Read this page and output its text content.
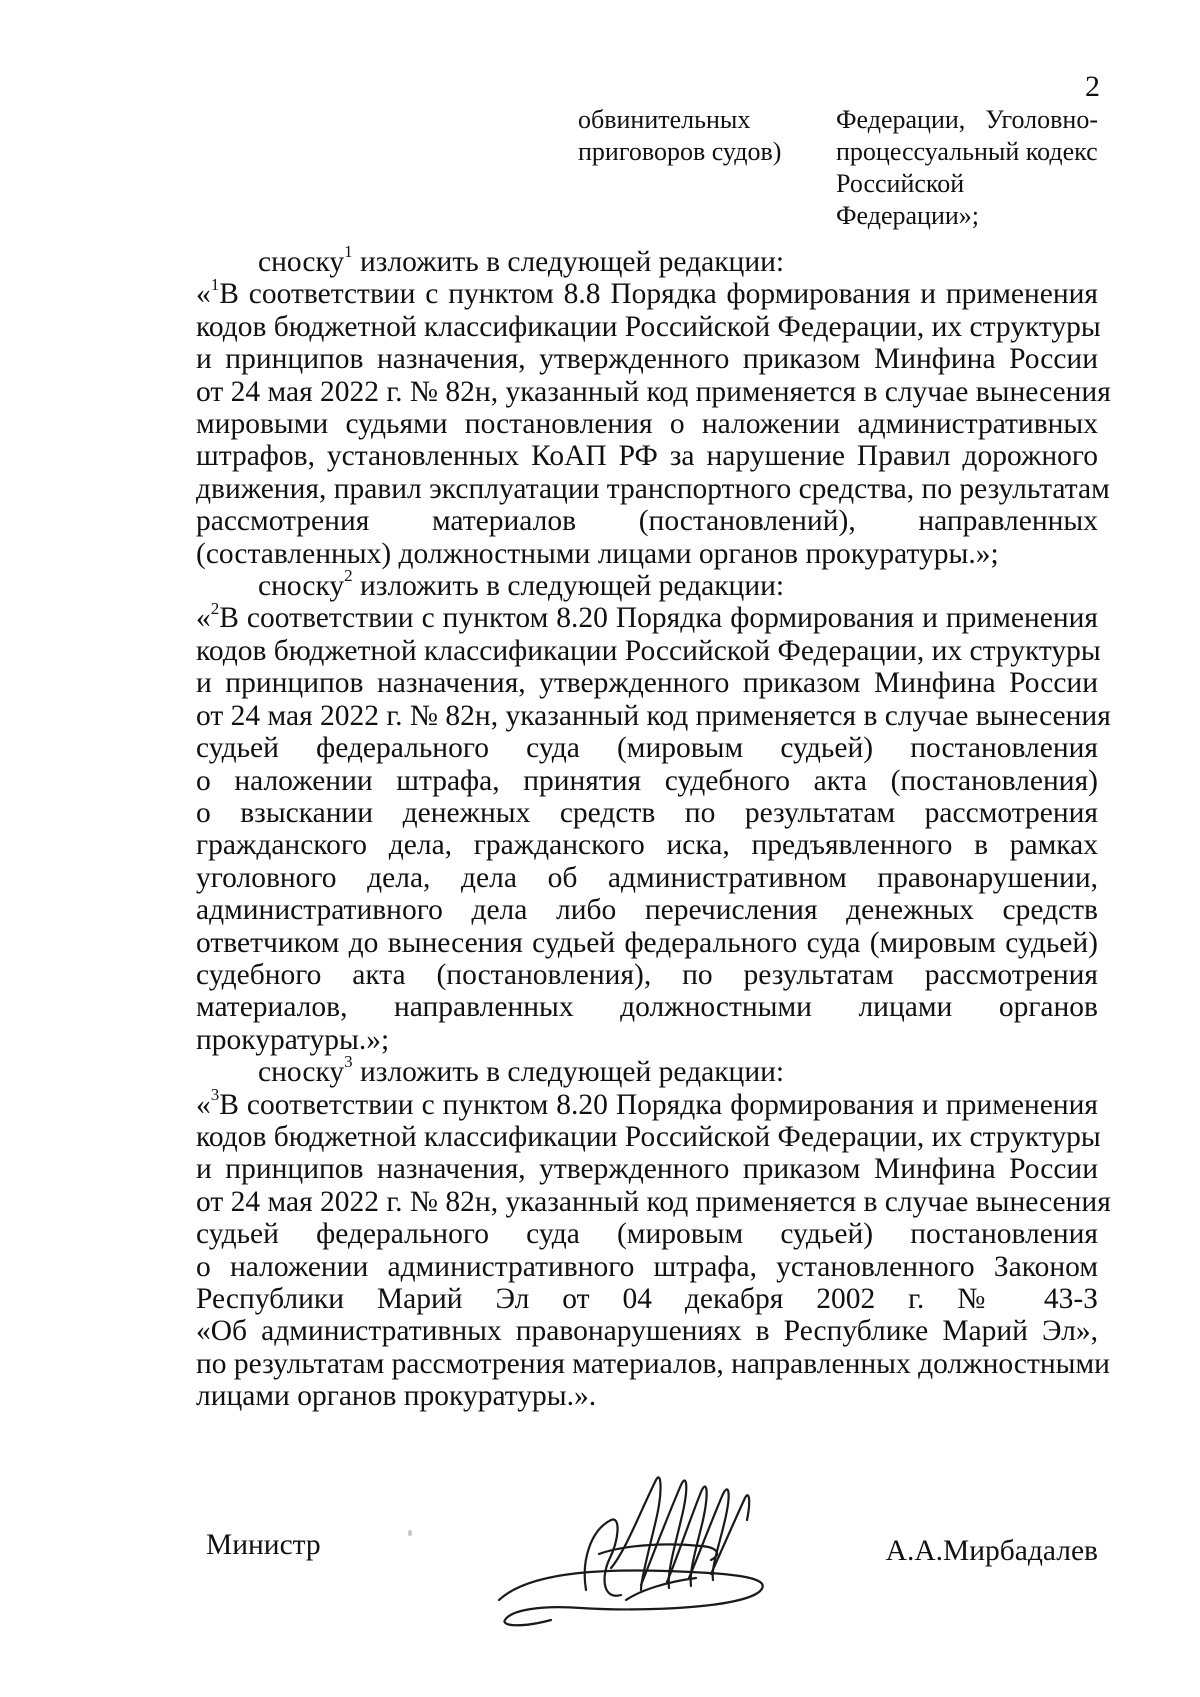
2
обвинительных
приговоров судов)
Федерации, Уголовно-
процессуальный кодекс
Российской
Федерации»;

сноску$^1$ изложить в следующей редакции:

«$^1$В соответствии с пунктом 8.8 Порядка формирования и применения
кодов бюджетной классификации Российской Федерации, их структуры
и принципов назначения, утвержденного приказом Минфина России
от 24 мая 2022 г. № 82н, указанный код применяется в случае вынесения
мировыми судьями постановления о наложении административных
штрафов, установленных КоАП РФ за нарушение Правил дорожного
движения, правил эксплуатации транспортного средства, по результатам
рассмотрения материалов (постановлений), направленных
(составленных) должностными лицами органов прокуратуры.»;

сноску$^2$ изложить в следующей редакции:

«$^2$В соответствии с пунктом 8.20 Порядка формирования и применения
кодов бюджетной классификации Российской Федерации, их структуры
и принципов назначения, утвержденного приказом Минфина России
от 24 мая 2022 г. № 82н, указанный код применяется в случае вынесения
судьей федерального суда (мировым судьей) постановления
о наложении штрафа, принятия судебного акта (постановления)
о взыскании денежных средств по результатам рассмотрения
гражданского дела, гражданского иска, предъявленного в рамках
уголовного дела, дела об административном правонарушении,
административного дела либо перечисления денежных средств
ответчиком до вынесения судьей федерального суда (мировым судьей)
судебного акта (постановления), по результатам рассмотрения
материалов, направленных должностными лицами органов
прокуратуры.»;

сноску$^3$ изложить в следующей редакции:

«$^3$В соответствии с пунктом 8.20 Порядка формирования и применения
кодов бюджетной классификации Российской Федерации, их структуры
и принципов назначения, утвержденного приказом Минфина России
от 24 мая 2022 г. № 82н, указанный код применяется в случае вынесения
судьей федерального суда (мировым судьей) постановления
о наложении административного штрафа, установленного Законом
Республики Марий Эл от 04 декабря 2002 г. № 43-З
«Об административных правонарушениях в Республике Марий Эл»,
по результатам рассмотрения материалов, направленных должностными
лицами органов прокуратуры.».
Министр	А.А.Мирбадалев
